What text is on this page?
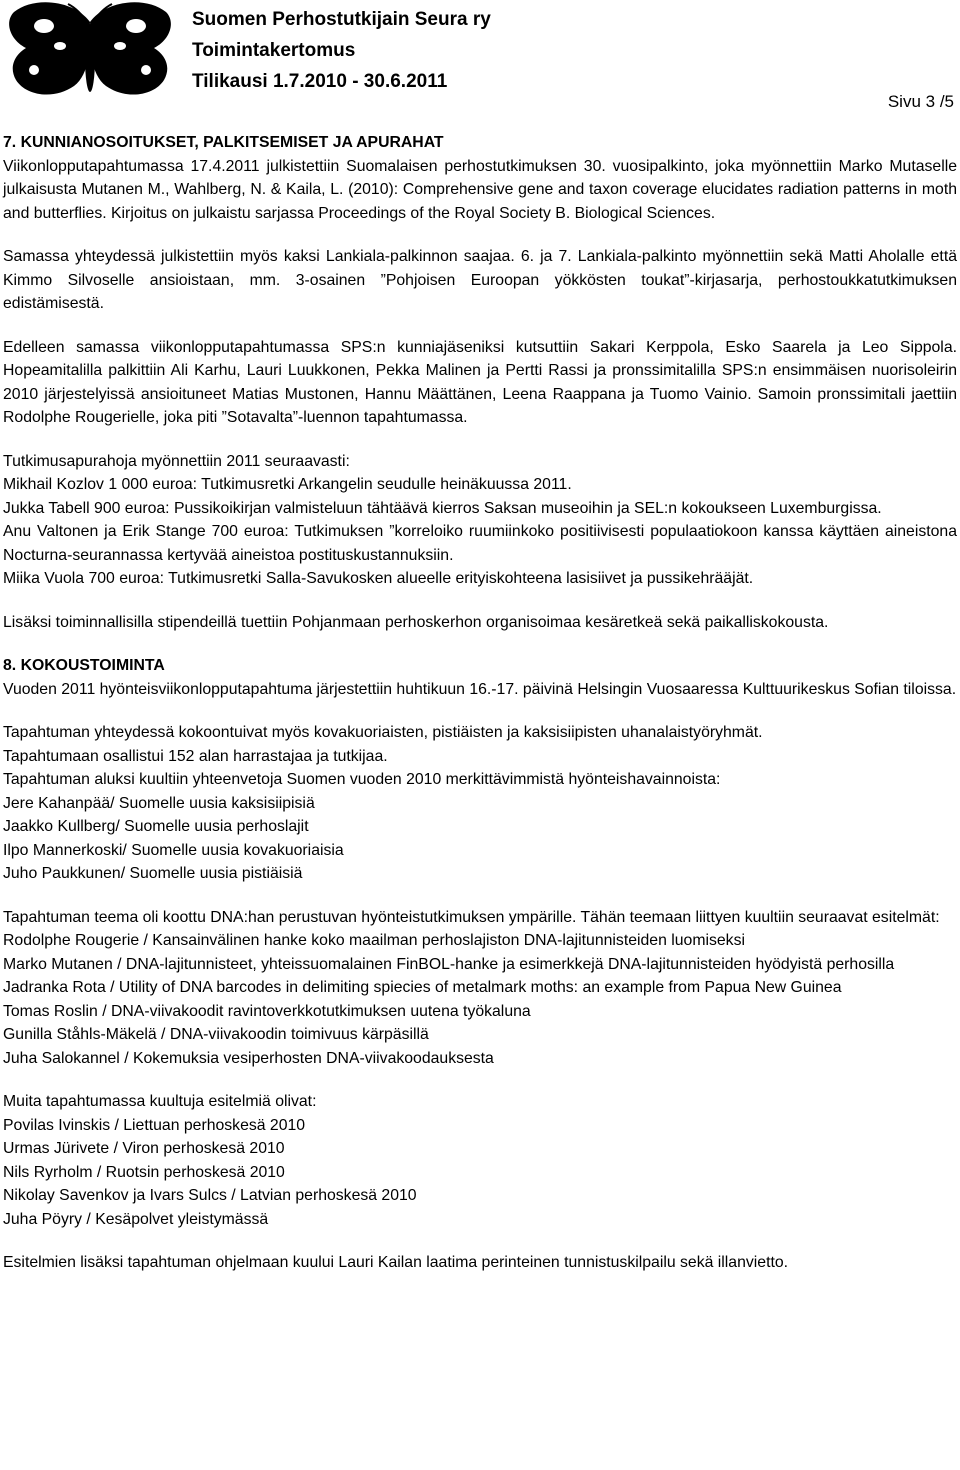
Suomen Perhostutkijain Seura ry
Toimintakertomus
Tilikausi 1.7.2010 - 30.6.2011
Sivu 3 /5
7. KUNNIANOSOITUKSET, PALKITSEMISET JA APURAHAT

Viikonlopputapahtumassa 17.4.2011 julkistettiin Suomalaisen perhostutkimuksen 30. vuosipalkinto, joka myönnettiin Marko Mutaselle julkaisusta Mutanen M., Wahlberg, N. & Kaila, L. (2010): Comprehensive gene and taxon coverage elucidates radiation patterns in moth and butterflies. Kirjoitus on julkaistu sarjassa Proceedings of the Royal Society B. Biological Sciences.

Samassa yhteydessä julkistettiin myös kaksi Lankiala-palkinnon saajaa. 6. ja 7. Lankiala-palkinto myönnettiin sekä Matti Aholalle että Kimmo Silvoselle ansioistaan, mm. 3-osainen ”Pohjoisen Euroopan yökkösten toukat”-kirjasarja, perhostoukkatutkimuksen edistämisestä.

Edelleen samassa viikonlopputapahtumassa SPS:n kunniajäseniksi kutsuttiin Sakari Kerppola, Esko Saarela ja Leo Sippola. Hopeamitalilla palkittiin Ali Karhu, Lauri Luukkonen, Pekka Malinen ja Pertti Rassi ja pronssimitalilla SPS:n ensimmäisen nuorisoleirin 2010 järjestelyissä ansioituneet Matias Mustonen, Hannu Määttänen, Leena Raappana ja Tuomo Vainio. Samoin pronssimitali jaettiin Rodolphe Rougerielle, joka piti ”Sotavalta”-luennon tapahtumassa.

Tutkimusapurahoja myönnettiin 2011 seuraavasti:

Mikhail Kozlov 1 000 euroa: Tutkimusretki Arkangelin seudulle heinäkuussa 2011.

Jukka Tabell 900 euroa: Pussikoikirjan valmisteluun tähtäävä kierros Saksan museoihin ja SEL:n kokoukseen Luxemburgissa.

Anu Valtonen ja Erik Stange 700 euroa: Tutkimuksen ”korreloiko ruumiinkoko positiivisesti populaatiokoon kanssa käyttäen aineistona Nocturna-seurannassa kertyvää aineistoa postituskustannuksiin.

Miika Vuola 700 euroa: Tutkimusretki Salla-Savukosken alueelle erityiskohteena lasisiivet ja pussikehrääjät.

Lisäksi toiminnallisilla stipendeillä tuettiin Pohjanmaan perhoskerhon organisoimaa kesäretkeä sekä paikalliskokousta.

8. KOKOUSTOIMINTA

Vuoden 2011 hyönteisviikonlopputapahtuma järjestettiin huhtikuun 16.-17. päivinä Helsingin Vuosaaressa Kulttuurikeskus Sofian tiloissa.

Tapahtuman yhteydessä kokoontuivat myös kovakuoriaisten, pistiäisten ja kaksisiipisten uhanalaistyöryhmät.

Tapahtumaan osallistui 152 alan harrastajaa ja tutkijaa.

Tapahtuman aluksi kuultiin yhteenvetoja Suomen vuoden 2010 merkittävimmistä hyönteishavainnoista:

Jere Kahanpää/ Suomelle uusia kaksisiipisiä

Jaakko Kullberg/ Suomelle uusia perhoslajit

Ilpo Mannerkoski/ Suomelle uusia kovakuoriaisia

Juho Paukkunen/ Suomelle uusia pistiäisiä

Tapahtuman teema oli koottu DNA:han perustuvan hyönteistutkimuksen ympärille. Tähän teemaan liittyen kuultiin seuraavat esitelmät:

Rodolphe Rougerie / Kansainvälinen hanke koko maailman perhoslajiston DNA-lajitunnisteiden luomiseksi

Marko Mutanen / DNA-lajitunnisteet, yhteissuomalainen FinBOL-hanke ja esimerkkejä DNA-lajitunnisteiden hyödyistä perhosilla

Jadranka Rota / Utility of DNA barcodes in delimiting spiecies of metalmark moths: an example from Papua New Guinea

Tomas Roslin / DNA-viivakoodit ravintoverkkotutkimuksen uutena työkaluna

Gunilla Ståhls-Mäkelä / DNA-viivakoodin toimivuus kärpäsillä

Juha Salokannel / Kokemuksia vesiperhosten DNA-viivakoodauksesta

Muita tapahtumassa kuultuja esitelmiä olivat:

Povilas Ivinskis / Liettuan perhoskesä 2010

Urmas Jürivete / Viron perhoskesä 2010

Nils Ryrholm / Ruotsin perhoskesä 2010

Nikolay Savenkov ja Ivars Sulcs / Latvian perhoskesä 2010

Juha Pöyry / Kesäpolvet yleistymässä

Esitelmien lisäksi tapahtuman ohjelmaan kuului Lauri Kailan laatima perinteinen tunnistuskilpailu sekä illanvietto.
